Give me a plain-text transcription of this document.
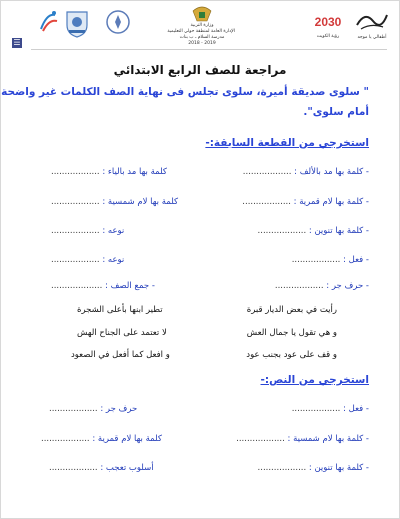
☰
وزارة التربية
الإدارة العامة لمنطقة حولي التعليمية
مدرسة السلام ـ ب بنات
2019 - 2018
2030
رؤية الكويت	أطفالي يا موجه
مراجعة للصف الرابع الابتدائي
" سلوى صديقة أميرة، سلوى تجلس فى نهاية الصف الكلمات غير واضحة
أمام سلوى".
استخرجي من القطعة السابقة:-
- كلمة بها مد بالألف : ..................
كلمة بها مد بالياء : ..................
- كلمة بها لام قمرية : ..................
كلمة بها لام شمسية : ..................
- كلمة بها تنوين : ..................
نوعه : ..................
- فعل : ..................
نوعه : ..................
- حرف جر : ..................
- جمع الصف : ...................
رأيت في بعض الديار قبرة
تطير ابنها بأعلى الشجرة
و هي تقول يا جمال العش
لا تعتمد على الجناح الهش
و قف على عود بجنب عود
و افعل كما أفعل في الصعود
استخرجي من النص:-
- فعل : ..................
حرف جر : ..................
- كلمة بها لام شمسية : ..................
كلمة بها لام قمرية : ..................
- كلمة بها تنوين : ..................
أسلوب تعجب : ..................
